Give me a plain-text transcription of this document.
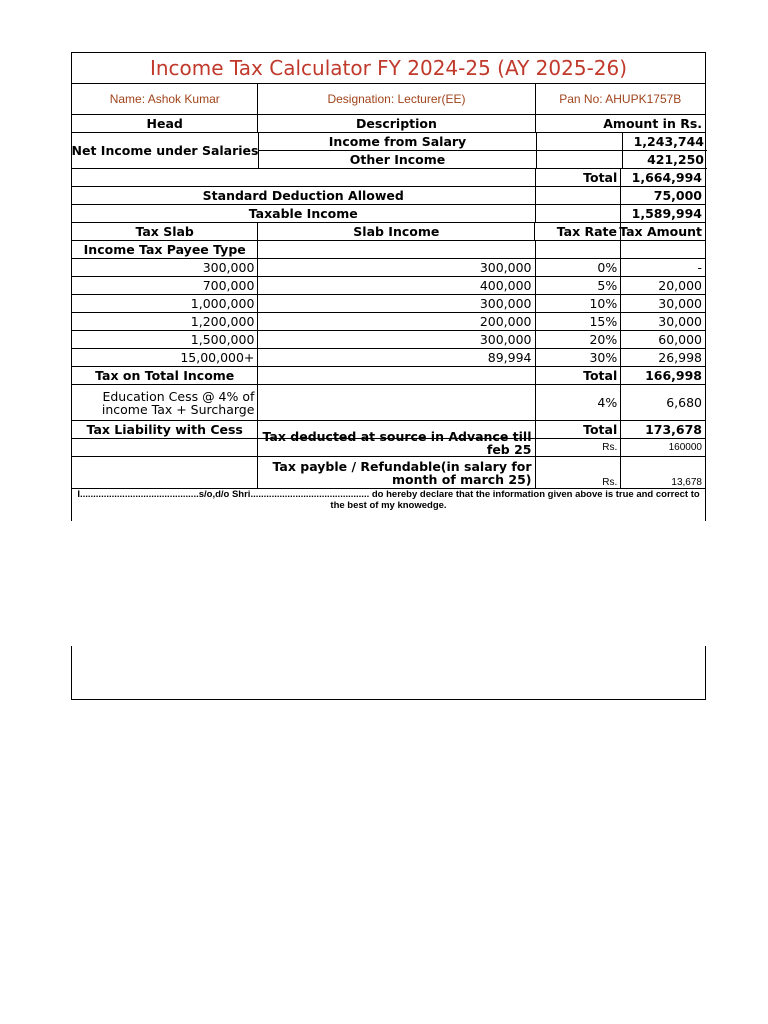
Income Tax Calculator FY 2024-25 (AY 2025-26)
Name: Ashok Kumar	Designation: Lecturer(EE)	Pan No: AHUPK1757B
Head	Description	Amount in Rs.
Net Income under Salaries
Income from Salary	1,243,744
Other Income	421,250
Total	1,664,994
Standard Deduction Allowed	75,000
Taxable Income	1,589,994
Tax Slab	Slab Income	Tax Rate Tax Amount
Income Tax Payee Type
300,000	300,000	0%	-
700,000	400,000	5%	20,000
1,000,000	300,000	10%	30,000
1,200,000	200,000	15%	30,000
1,500,000	300,000	20%	60,000
15,00,000+	89,994	30%	26,998
Tax on Total Income	Total	166,998
Education Cess @ 4% of income Tax + Surcharge	4%	6,680
Tax Liability with Cess	Total	173,678
Tax deducted at source in Advance till feb 25	Rs.	160000
Tax payble / Refundable(in salary for month of march 25)	Rs.	13,678
I.............................................s/o,d/o Shri............................................. do hereby declare that the information given above is true and correct to the best of my knowedge.
